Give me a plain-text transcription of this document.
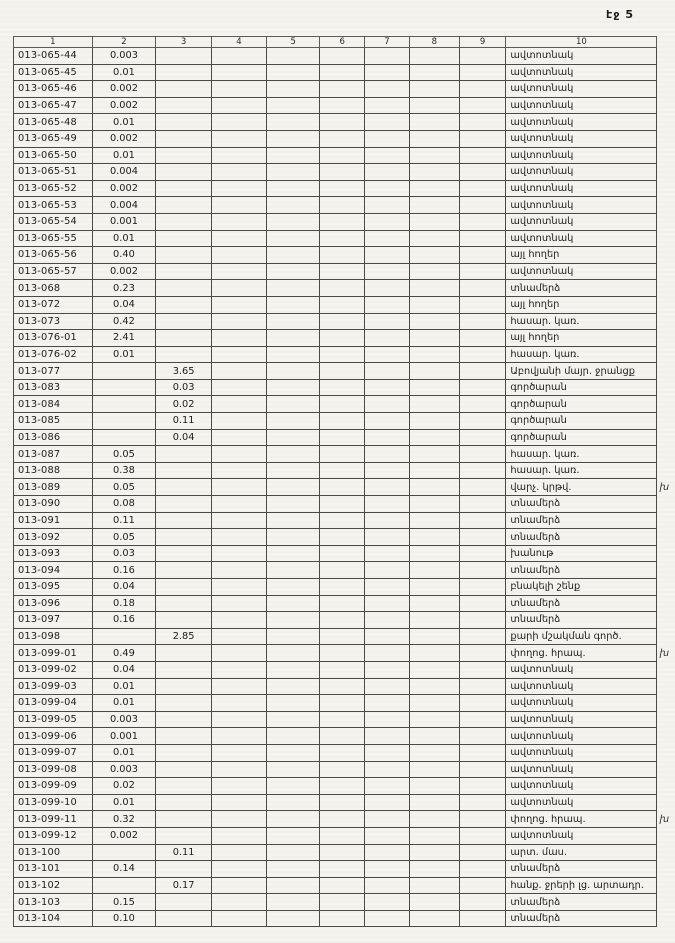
էջ 5
1	2	3	4	5	6	7	8	9	10	
013-065-44	0.003								ավտոտնակ	
013-065-45	0.01								ավտոտնակ	
013-065-46	0.002								ավտոտնակ	
013-065-47	0.002								ավտոտնակ	
013-065-48	0.01								ավտոտնակ	
013-065-49	0.002								ավտոտնակ	
013-065-50	0.01								ավտոտնակ	
013-065-51	0.004								ավտոտնակ	
013-065-52	0.002								ավտոտնակ	
013-065-53	0.004								ավտոտնակ	
013-065-54	0.001								ավտոտնակ	
013-065-55	0.01								ավտոտնակ	
013-065-56	0.40								այլ հողեր	
013-065-57	0.002								ավտոտնակ	
013-068	0.23								տնամերձ	
013-072	0.04								այլ հողեր	
013-073	0.42								հասար. կառ.	
013-076-01	2.41								այլ հողեր	
013-076-02	0.01								հասար. կառ.	
013-077		3.65							Աբովյանի մայր. ջրանցք	
013-083		0.03							գործարան	
013-084		0.02							գործարան	
013-085		0.11							գործարան	
013-086		0.04							գործարան	
013-087	0.05								հասար. կառ.	
013-088	0.38								հասար. կառ.	
013-089	0.05								վարչ. կրթվ.	խ
013-090	0.08								տնամերձ	
013-091	0.11								տնամերձ	
013-092	0.05								տնամերձ	
013-093	0.03								խանութ	
013-094	0.16								տնամերձ	
013-095	0.04								բնակելի շենք	
013-096	0.18								տնամերձ	
013-097	0.16								տնամերձ	
013-098		2.85							քարի մշակման գործ.	
013-099-01	0.49								փողոց. հրապ.	խ
013-099-02	0.04								ավտոտնակ	
013-099-03	0.01								ավտոտնակ	
013-099-04	0.01								ավտոտնակ	
013-099-05	0.003								ավտոտնակ	
013-099-06	0.001								ավտոտնակ	
013-099-07	0.01								ավտոտնակ	
013-099-08	0.003								ավտոտնակ	
013-099-09	0.02								ավտոտնակ	
013-099-10	0.01								ավտոտնակ	
013-099-11	0.32								փողոց. հրապ.	խ
013-099-12	0.002								ավտոտնակ	
013-100		0.11							արտ. մաս.	
013-101	0.14								տնամերձ	
013-102		0.17							հանք. ջրերի լց. արտադր.	
013-103	0.15								տնամերձ	
013-104	0.10								տնամերձ	
